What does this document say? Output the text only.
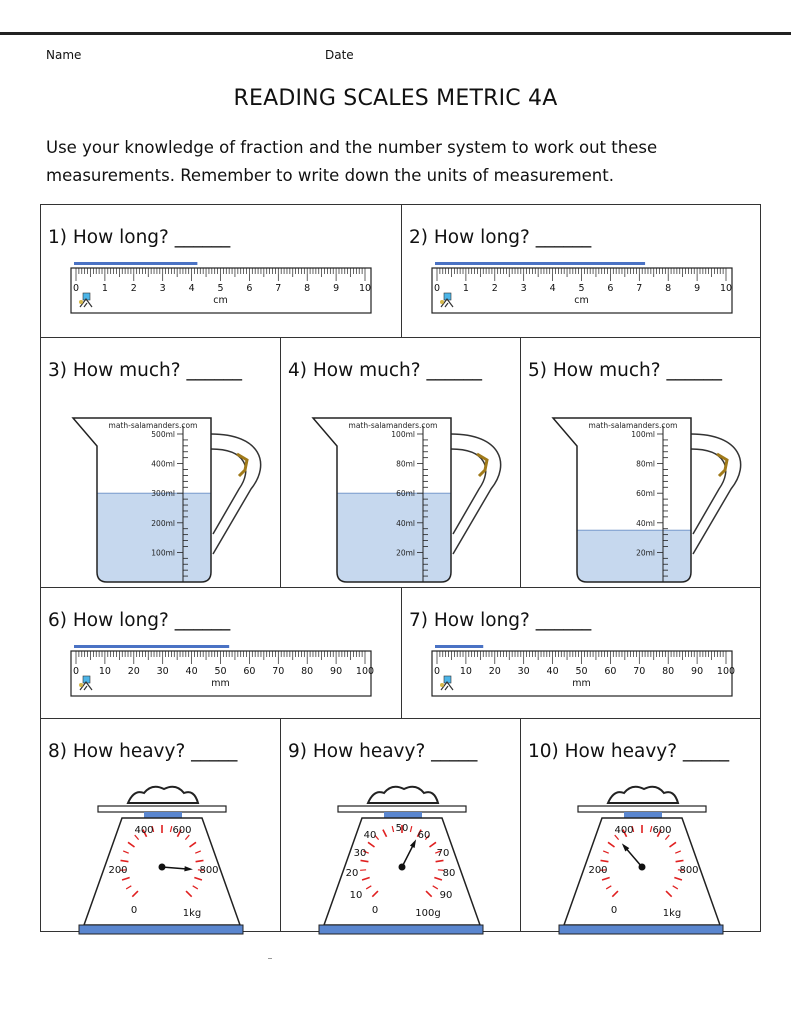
Name	Date
READING SCALES METRIC 4A
Use your knowledge of fraction and the number system to work out these measurements. Remember to write down the units of measurement.
1) How long? ______
0 1 2 3 4 5 6 7 8 9 10
cm
2) How long? ______
0 1 2 3 4 5 6 7 8 9 10
cm
3) How much? ______
math-salamanders.com
500ml
400ml
300ml
200ml
100ml
4) How much? ______
math-salamanders.com
100ml
80ml
60ml
40ml
20ml
5) How much? ______
math-salamanders.com
100ml
80ml
60ml
40ml
20ml
6) How long? ______
0 10 20 30 40 50 60 70 80 90 100
mm
7) How long? ______
0 10 20 30 40 50 60 70 80 90 100
mm
8) How heavy? _____
400 600
200	800
0	1kg
9) How heavy? _____
40
50
60
30	70
20	80
10	90
0	100g
10) How heavy? _____
400 600
200	800
0	1kg
